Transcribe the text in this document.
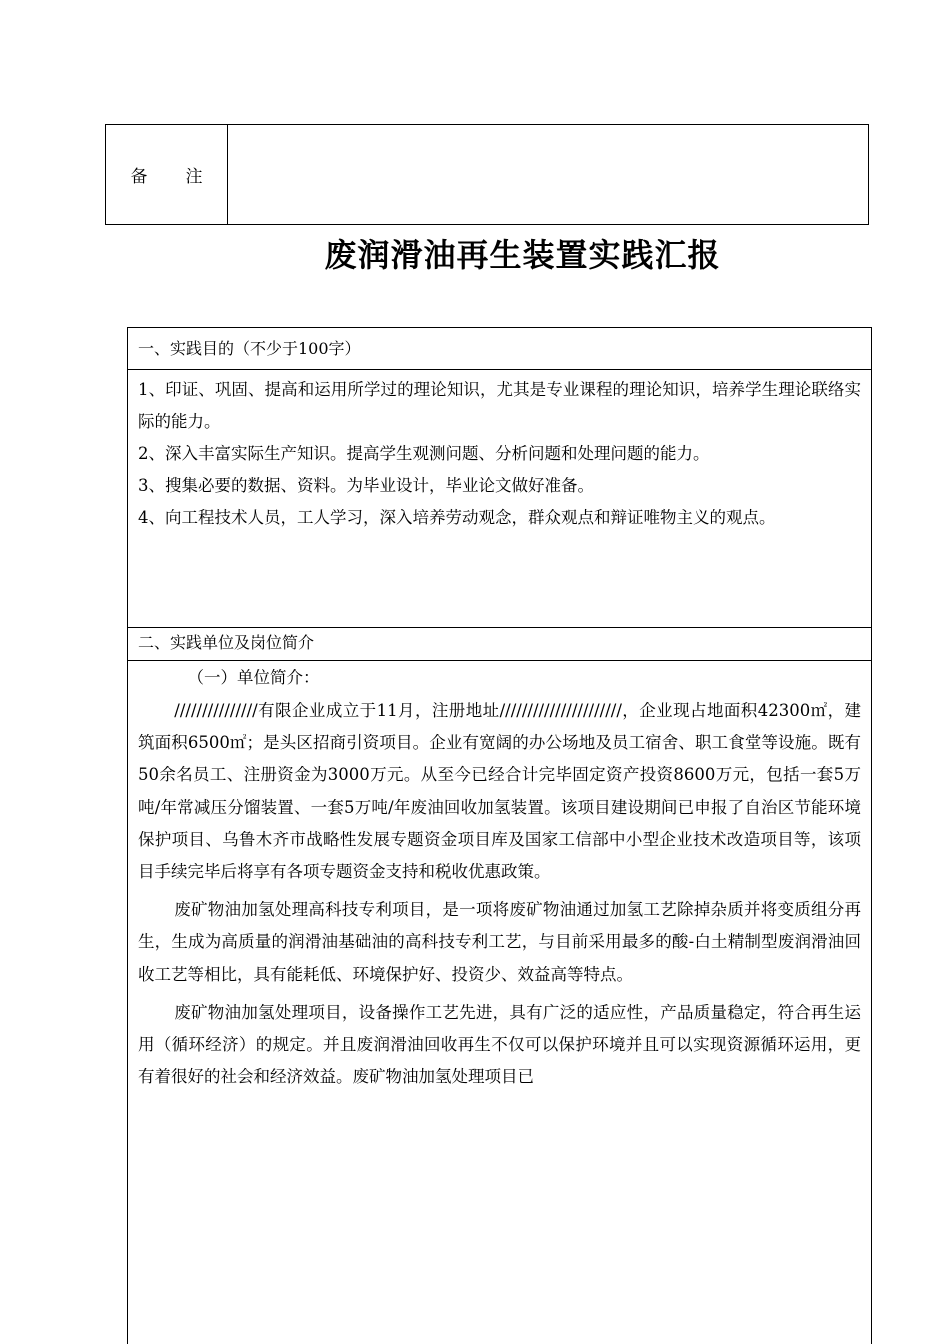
备 注
废润滑油再生装置实践汇报
一、实践目的（不少于100字）

1、印证、巩固、提高和运用所学过的理论知识，尤其是专业课程的理论知识，培养学生理论联络实际的能力。

2、深入丰富实际生产知识。提高学生观测问题、分析问题和处理问题的能力。

3、搜集必要的数据、资料。为毕业设计，毕业论文做好准备。

4、向工程技术人员，工人学习，深入培养劳动观念，群众观点和辩证唯物主义的观点。

二、实践单位及岗位简介

（一）单位简介：

///////////////有限企业成立于11月，注册地址//////////////////////，企业现占地面积42300㎡，建筑面积6500㎡；是头区招商引资项目。企业有宽阔的办公场地及员工宿舍、职工食堂等设施。既有50余名员工、注册资金为3000万元。从至今已经合计完毕固定资产投资8600万元，包括一套5万吨/年常减压分馏装置、一套5万吨/年废油回收加氢装置。该项目建设期间已申报了自治区节能环境保护项目、乌鲁木齐市战略性发展专题资金项目库及国家工信部中小型企业技术改造项目等，该项目手续完毕后将享有各项专题资金支持和税收优惠政策。

废矿物油加氢处理高科技专利项目，是一项将废矿物油通过加氢工艺除掉杂质并将变质组分再生，生成为高质量的润滑油基础油的高科技专利工艺，与目前采用最多的酸-白土精制型废润滑油回收工艺等相比，具有能耗低、环境保护好、投资少、效益高等特点。

废矿物油加氢处理项目，设备操作工艺先进，具有广泛的适应性，产品质量稳定，符合再生运用（循环经济）的规定。并且废润滑油回收再生不仅可以保护环境并且可以实现资源循环运用，更有着很好的社会和经济效益。废矿物油加氢处理项目已
